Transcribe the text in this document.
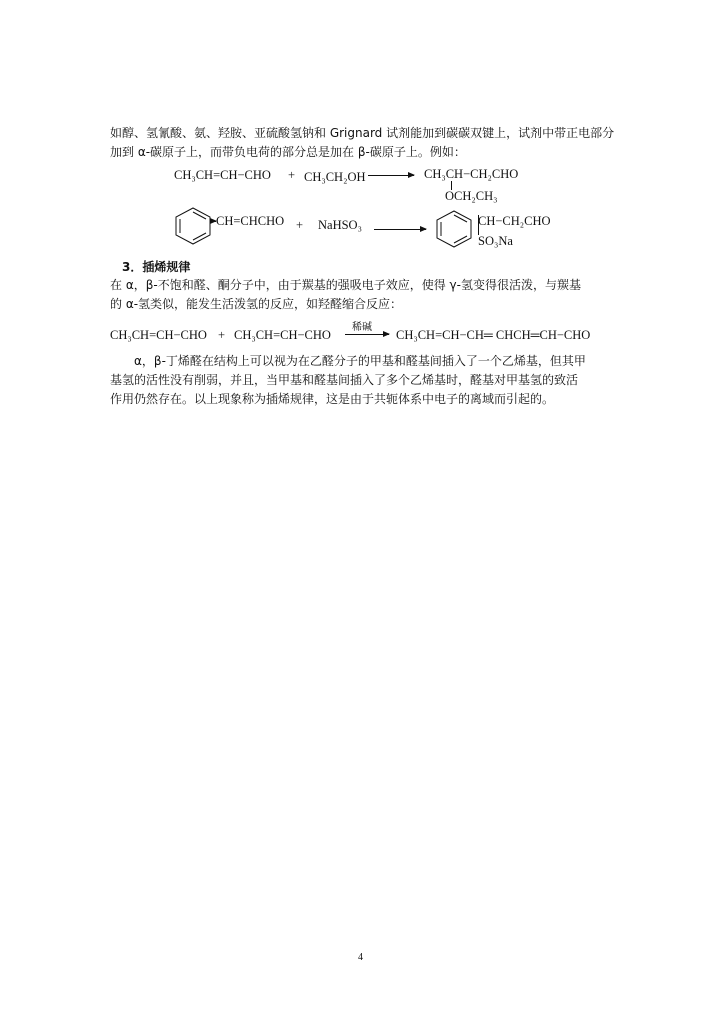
如醇、氢氰酸、氨、羟胺、亚硫酸氢钠和 Grignard 试剂能加到碳碳双键上，试剂中带正电部分

加到 α-碳原子上，而带负电荷的部分总是加在 β-碳原子上。例如：

CH₃CH=CH−CHO + CH₃CH₂OH	CH₃CH−CH₂CHO
OCH₂CH₃
CH=CHCHO + NaHSO₃	CH−CH₂CHO
SO₃Na
3．插烯规律

在 α，β-不饱和醛、酮分子中，由于羰基的强吸电子效应，使得 γ-氢变得很活泼，与羰基

的 α-氢类似，能发生活泼氢的反应，如羟醛缩合反应：

CH₃CH=CH−CHO + CH₃CH=CH−CHO
稀碱
CH₃CH=CH−CH═ CHCH═CH−CHO

α，β-丁烯醛在结构上可以视为在乙醛分子的甲基和醛基间插入了一个乙烯基，但其甲

基氢的活性没有削弱，并且，当甲基和醛基间插入了多个乙烯基时，醛基对甲基氢的致活

作用仍然存在。以上现象称为插烯规律，这是由于共轭体系中电子的离域而引起的。

4
